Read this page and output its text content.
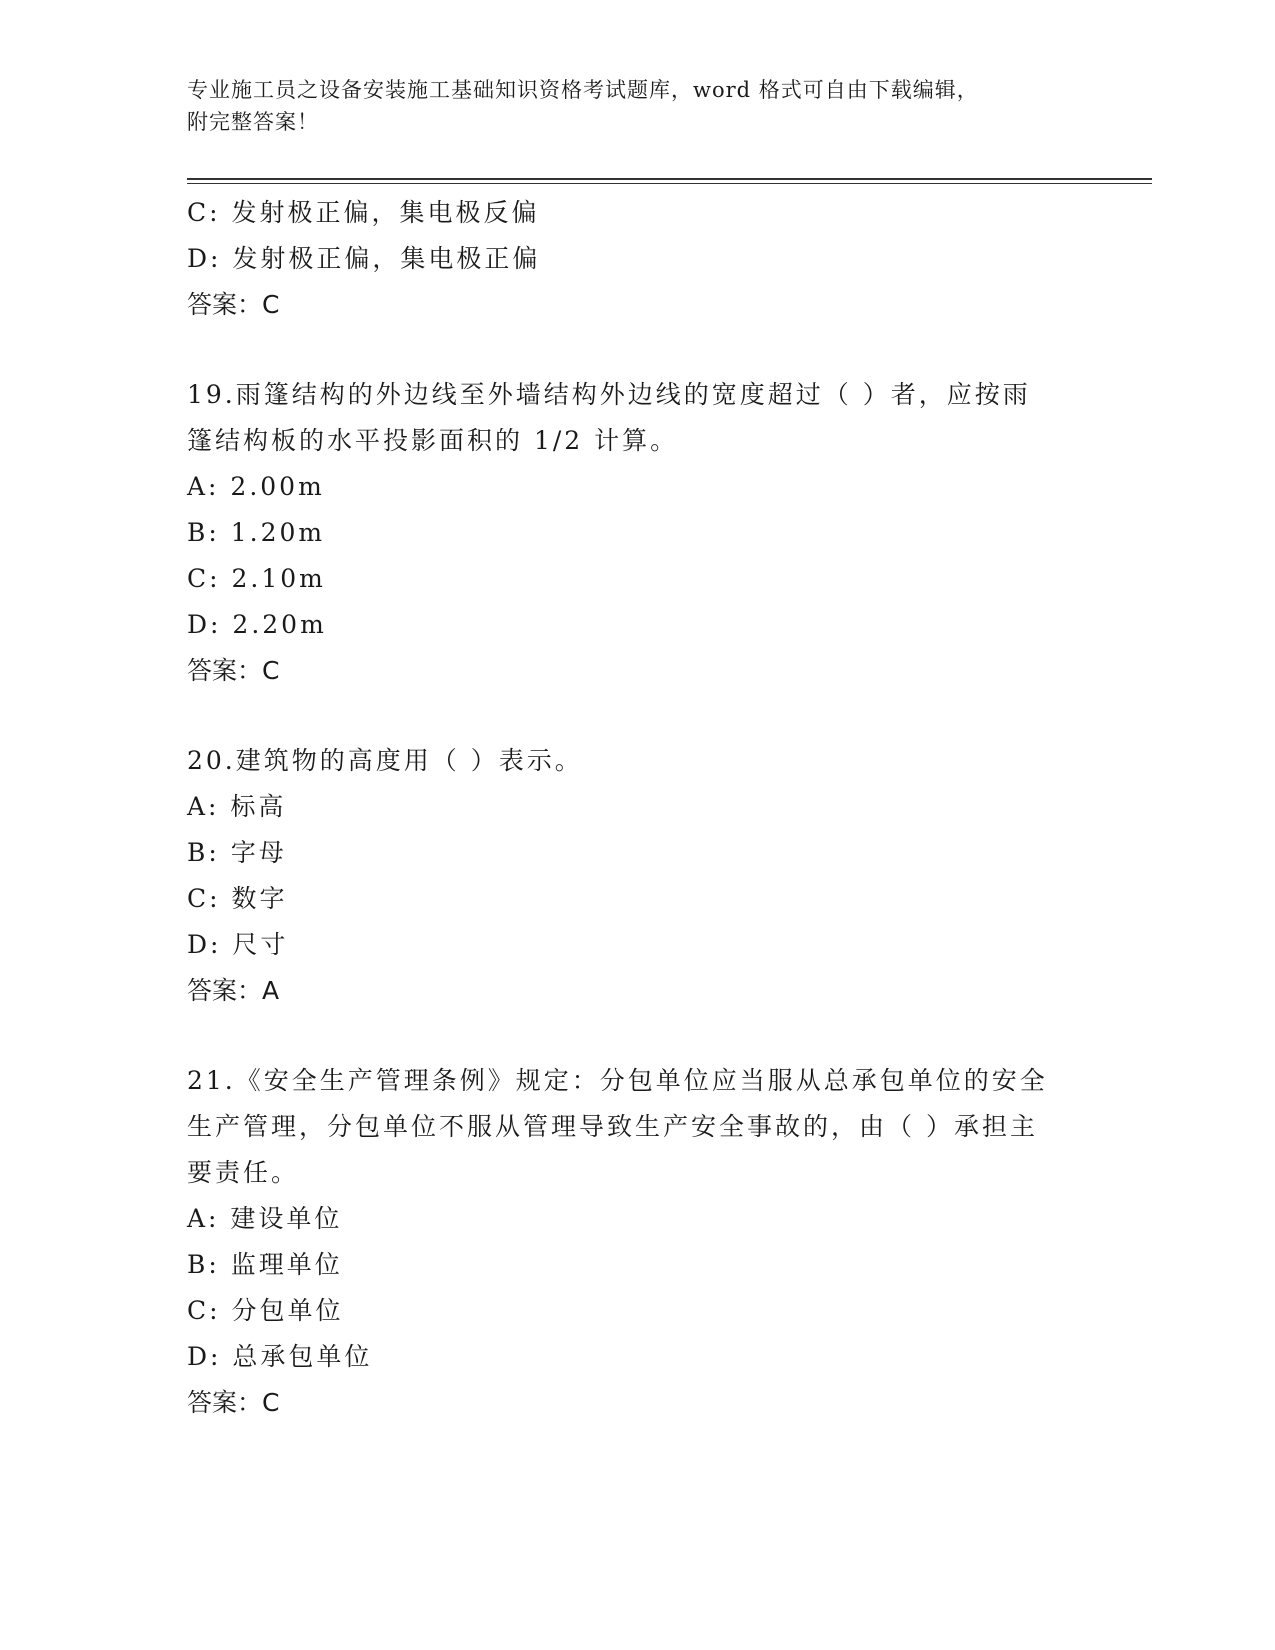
专业施工员之设备安装施工基础知识资格考试题库，word 格式可自由下载编辑，
附完整答案！
C: 发射极正偏，集电极反偏
D: 发射极正偏，集电极正偏
答案：C
19.雨篷结构的外边线至外墙结构外边线的宽度超过（ ）者，应按雨
篷结构板的水平投影面积的 1/2 计算。
A: 2.00m
B: 1.20m
C: 2.10m
D: 2.20m
答案：C
20.建筑物的高度用（ ）表示。
A: 标高
B: 字母
C: 数字
D: 尺寸
答案：A
21.《安全生产管理条例》规定：分包单位应当服从总承包单位的安全
生产管理，分包单位不服从管理导致生产安全事故的，由（ ）承担主
要责任。
A: 建设单位
B: 监理单位
C: 分包单位
D: 总承包单位
答案：C
